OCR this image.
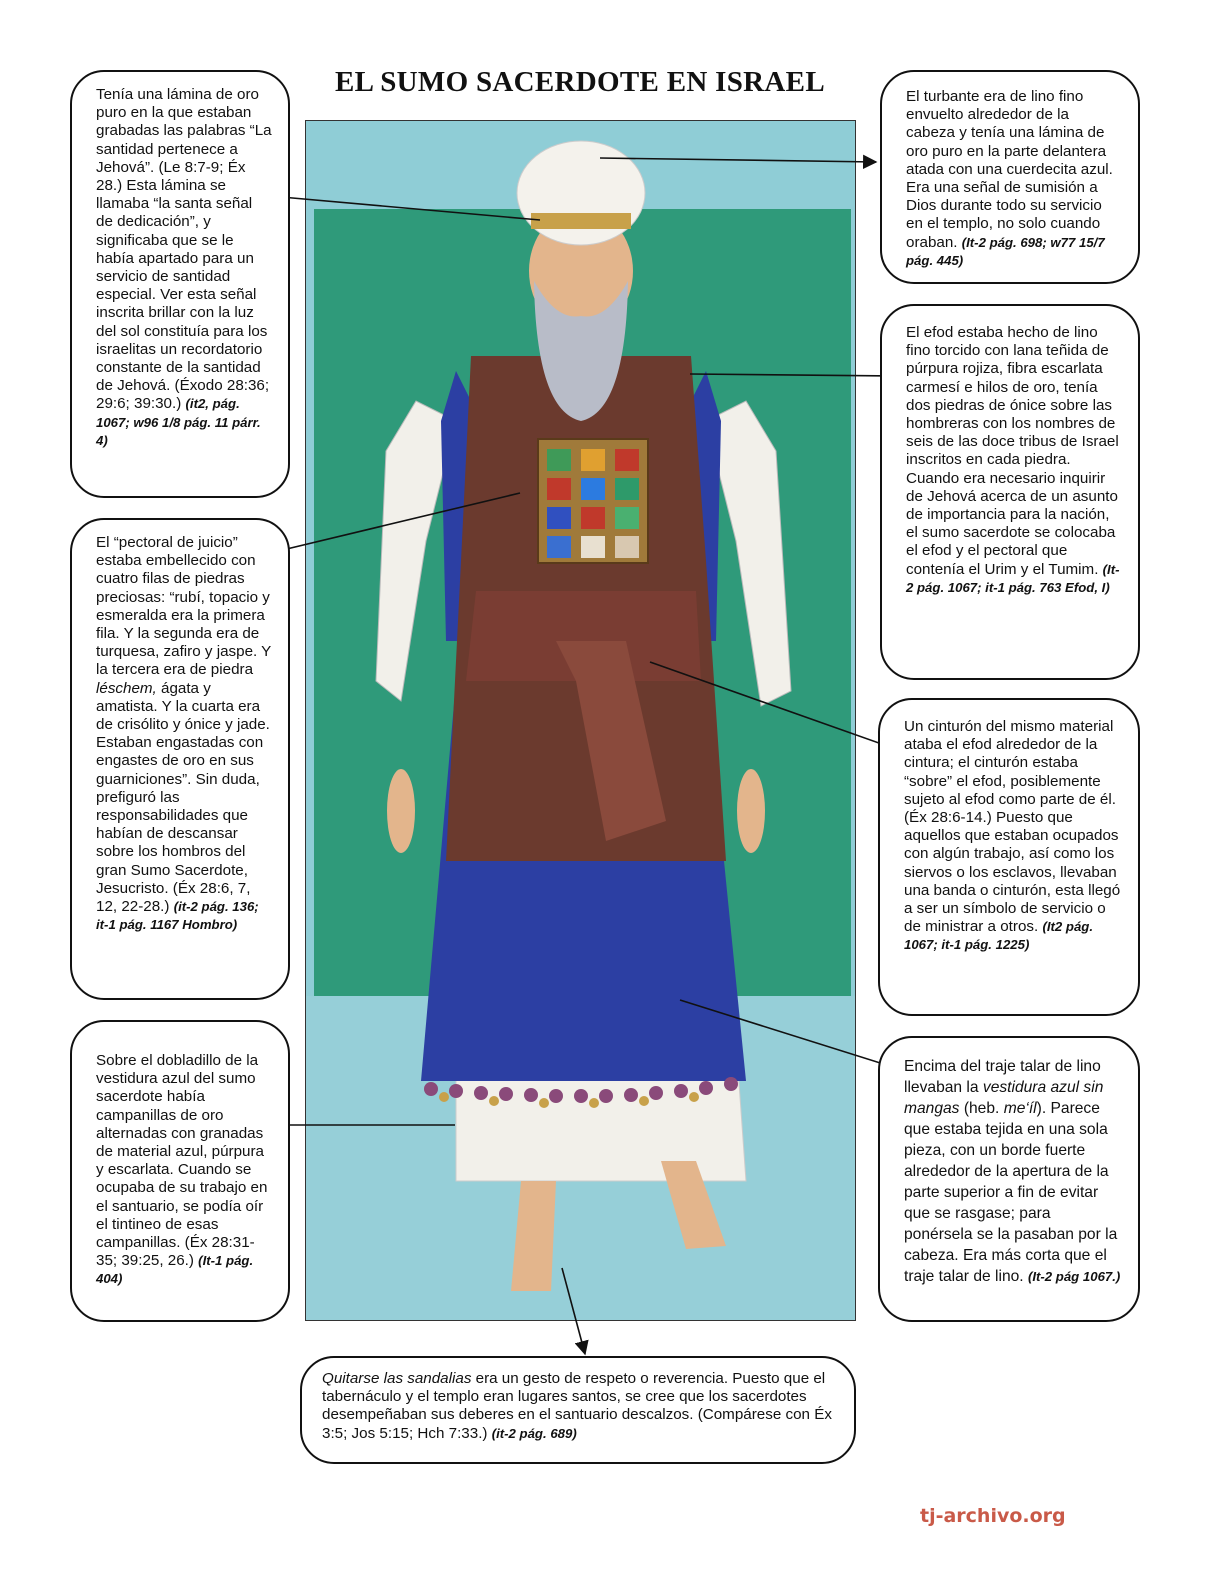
EL SUMO SACERDOTE EN ISRAEL
Tenía una lámina de oro puro en la que estaban grabadas las palabras “La santidad pertenece a Jehová”. (Le 8:7-9; Éx 28.) Esta lámina se llamaba “la santa señal de dedicación”, y significaba que se le había apartado para un servicio de santidad especial. Ver esta señal inscrita brillar con la luz del sol constituía para los israelitas un recordatorio constante de la santidad de Jehová. (Éxodo 28:36; 29:6; 39:30.) (it2, pág. 1067; w96 1/8 pág. 11 párr. 4)
El “pectoral de juicio” estaba embellecido con cuatro filas de piedras preciosas: “rubí, topacio y esmeralda era la primera fila. Y la segunda era de turquesa, zafiro y jaspe. Y la tercera era de piedra léschem, ágata y amatista. Y la cuarta era de crisólito y ónice y jade. Estaban engastadas con engastes de oro en sus guarniciones”. Sin duda, prefiguró las responsabilidades que habían de descansar sobre los hombros del gran Sumo Sacerdote, Jesucristo. (Éx 28:6, 7, 12, 22-28.) (it-2 pág. 136; it-1 pág. 1167 Hombro)
Sobre el dobladillo de la vestidura azul del sumo sacerdote había campanillas de oro alternadas con granadas de material azul, púrpura y escarlata. Cuando se ocupaba de su trabajo en el santuario, se podía oír el tintineo de esas campanillas. (Éx 28:31-35; 39:25, 26.) (It-1 pág. 404)
El turbante era de lino fino envuelto alrededor de la cabeza y tenía una lámina de oro puro en la parte delantera atada con una cuerdecita azul. Era una señal de sumisión a Dios durante todo su servicio en el templo, no solo cuando oraban. (It-2 pág. 698; w77 15/7 pág. 445)
El efod estaba hecho de lino fino torcido con lana teñida de púrpura rojiza, fibra escarlata carmesí e hilos de oro, tenía dos piedras de ónice sobre las hombreras con los nombres de seis de las doce tribus de Israel inscritos en cada piedra. Cuando era necesario inquirir de Jehová acerca de un asunto de importancia para la nación, el sumo sacerdote se colocaba el efod y el pectoral que contenía el Urim y el Tumim. (It-2 pág. 1067; it-1 pág. 763 Efod, I)
Un cinturón del mismo material ataba el efod alrededor de la cintura; el cinturón estaba “sobre” el efod, posiblemente sujeto al efod como parte de él. (Éx 28:6-14.) Puesto que aquellos que estaban ocupados con algún trabajo, así como los siervos o los esclavos, llevaban una banda o cinturón, esta llegó a ser un símbolo de servicio o de ministrar a otros. (It2 pág. 1067; it-1 pág. 1225)
Encima del traje talar de lino llevaban la vestidura azul sin mangas (heb. me‘íl). Parece que estaba tejida en una sola pieza, con un borde fuerte alrededor de la apertura de la parte superior a fin de evitar que se rasgase; para ponérsela se la pasaban por la cabeza. Era más corta que el traje talar de lino. (It-2 pág 1067.)
Quitarse las sandalias era un gesto de respeto o reverencia. Puesto que el tabernáculo y el templo eran lugares santos, se cree que los sacerdotes desempeñaban sus deberes en el santuario descalzos. (Compárese con Éx 3:5; Jos 5:15; Hch 7:33.) (it-2 pág. 689)
tj-archivo.org
